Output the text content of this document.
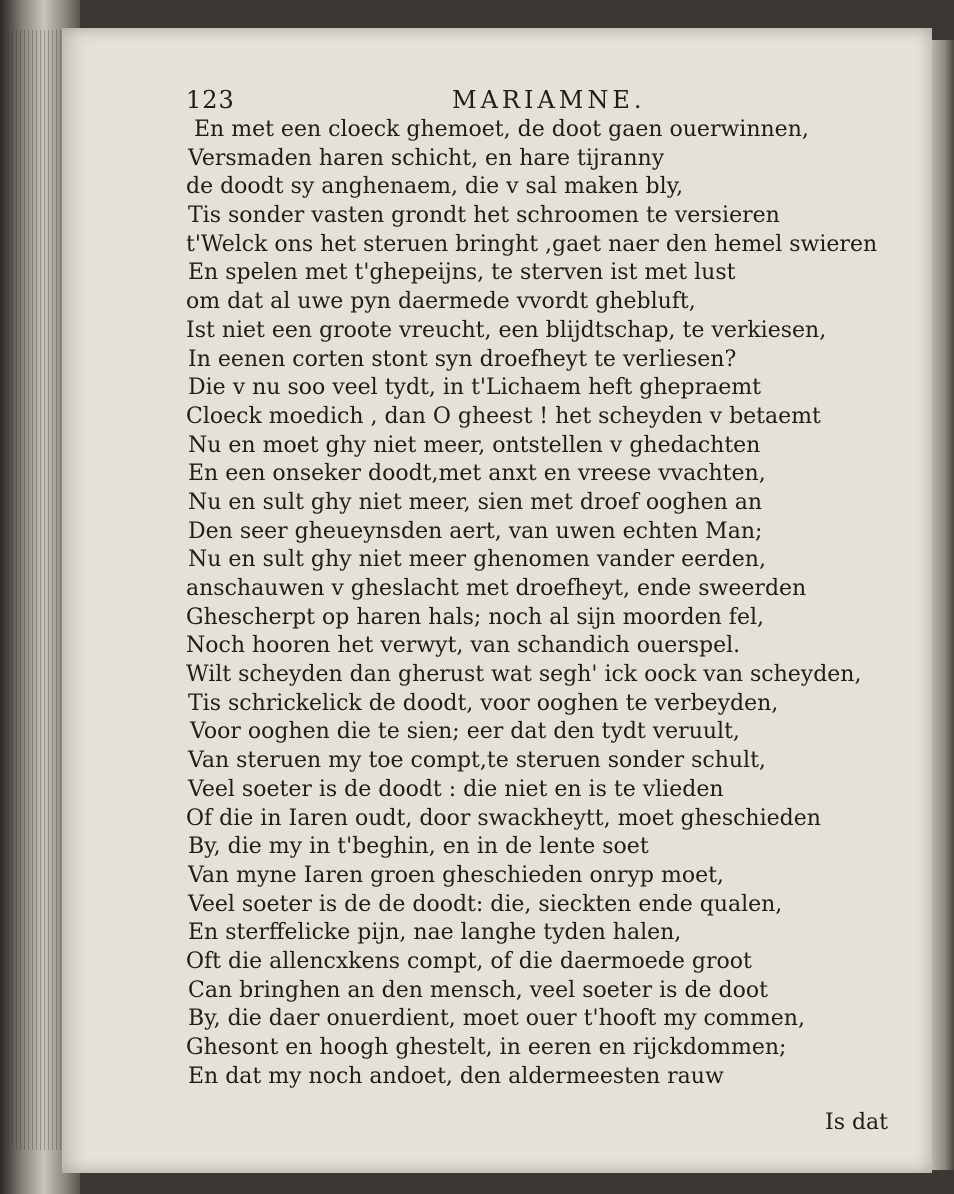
123	MARIAMNE.
En met een cloeck ghemoet, de doot gaen ouerwinnen,
Versmaden haren schicht, en hare tijranny
de doodt sy anghenaem, die v sal maken bly,
Tis sonder vasten grondt het schroomen te versieren
t'Welck ons het steruen bringht ,gaet naer den hemel swieren
En spelen met t'ghepeijns, te sterven ist met lust
om dat al uwe pyn daermede vvordt ghebluft,
Ist niet een groote vreucht, een blijdtschap, te verkiesen,
In eenen corten stont syn droefheyt te verliesen?
Die v nu soo veel tydt, in t'Lichaem heft ghepraemt
Cloeck moedich , dan O gheest ! het scheyden v betaemt
Nu en moet ghy niet meer, ontstellen v ghedachten
En een onseker doodt,met anxt en vreese vvachten,
Nu en sult ghy niet meer, sien met droef ooghen an
Den seer gheueynsden aert, van uwen echten Man;
Nu en sult ghy niet meer ghenomen vander eerden,
anschauwen v gheslacht met droefheyt, ende sweerden
Ghescherpt op haren hals; noch al sijn moorden fel,
Noch hooren het verwyt, van schandich ouerspel.
Wilt scheyden dan gherust wat segh' ick oock van scheyden,
Tis schrickelick de doodt, voor ooghen te verbeyden,
Voor ooghen die te sien; eer dat den tydt veruult,
Van steruen my toe compt,te steruen sonder schult,
Veel soeter is de doodt : die niet en is te vlieden
Of die in Iaren oudt, door swackheytt, moet gheschieden
By, die my in t'beghin, en in de lente soet
Van myne Iaren groen gheschieden onryp moet,
Veel soeter is de de doodt: die, sieckten ende qualen,
En sterffelicke pijn, nae langhe tyden halen,
Oft die allencxkens compt, of die daermoede groot
Can bringhen an den mensch, veel soeter is de doot
By, die daer onuerdient, moet ouer t'hooft my commen,
Ghesont en hoogh ghestelt, in eeren en rijckdommen;
En dat my noch andoet, den aldermeesten rauw
Is dat
